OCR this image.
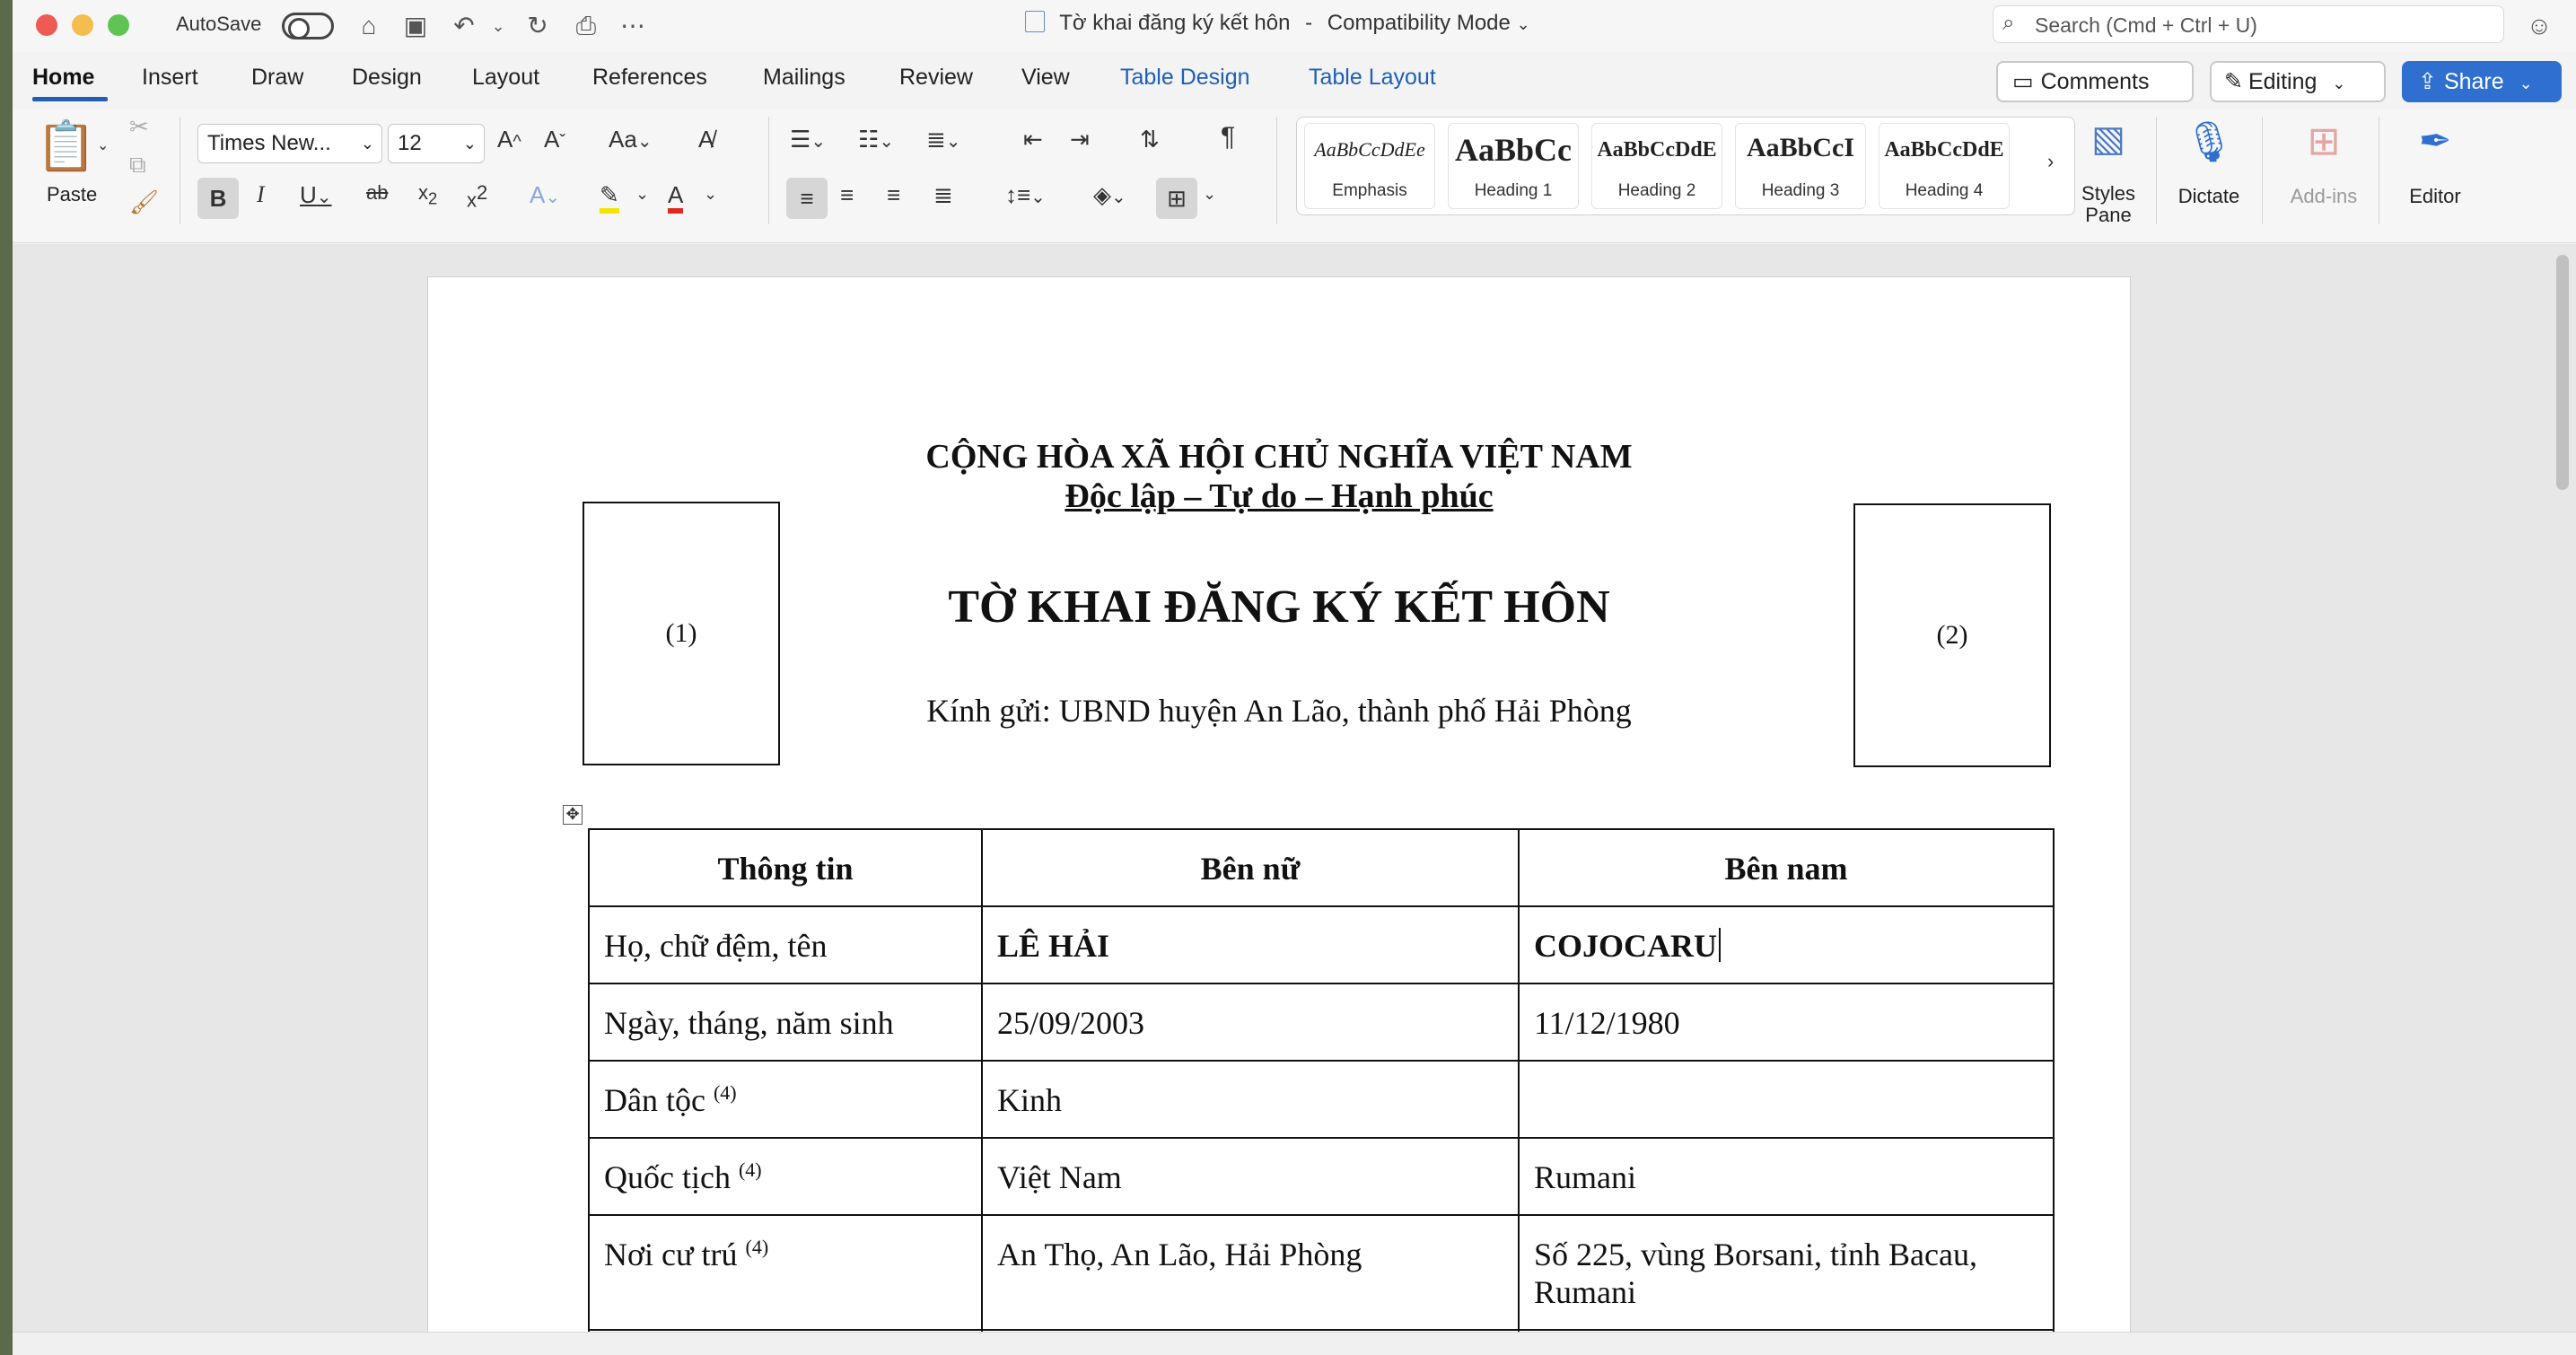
AutoSave	⌂	▣ ↶	⌄ ↻ ⎙ ⋯	Tờ khai đăng ký kết hôn - Compatibility Mode ⌄	⌕ Search (Cmd + Ctrl + U)	☺
Home Insert Draw Design Layout References Mailings Review View Table Design	Table Layout	▭ Comments	✎ Editing ⌄	⇪ Share ⌄
📋 ⌄
Paste
✂
⧉
🖌
Times New... ⌄	12	⌄ A^ Aˇ Aa⌄ A̸
B	I U⌄ ab $x_2$ $x^2$ A⌄ ✎ ⌄ A ⌄
☰⌄ ☷⌄ ≣⌄	⇤ ⇥ ⇅ ¶
≡	≡ ≡ ≣ ↕≡⌄ ◈⌄	⊞	⌄
AaBbCcDdEe
Emphasis
AaBbCc
Heading 1
AaBbCcDdE
Heading 2
AaBbCcI
Heading 3
AaBbCcDdE
Heading 4
›
▧
Styles Pane
🎙
Dictate
⊞
Add-ins
✒
Editor
CỘNG HÒA XÃ HỘI CHỦ NGHĨA VIỆT NAM
Độc lập – Tự do – Hạnh phúc
(1)	(2)
TỜ KHAI ĐĂNG KÝ KẾT HÔN
Kính gửi: UBND huyện An Lão, thành phố Hải Phòng
✥
Thông tin	Bên nữ	Bên nam
Họ, chữ đệm, tên	LÊ HẢI	COJOCARU
Ngày, tháng, năm sinh	25/09/2003	11/12/1980
Dân tộc $^{(4)}$	Kinh	
Quốc tịch $^{(4)}$	Việt Nam	Rumani
Nơi cư trú $^{(4)}$	An Thọ, An Lão, Hải Phòng	Số 225, vùng Borsani, tỉnh Bacau, Rumani
